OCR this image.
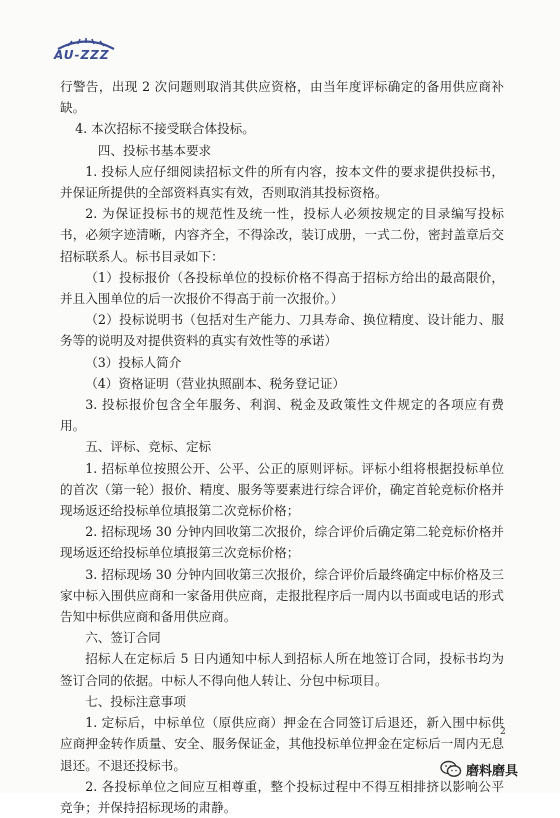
AU-ZZZ

行警告，出现 2 次问题则取消其供应资格，由当年度评标确定的备用供应商补缺。

4. 本次招标不接受联合体投标。

四、投标书基本要求

1. 投标人应仔细阅读招标文件的所有内容，按本文件的要求提供投标书，并保证所提供的全部资料真实有效，否则取消其投标资格。

2. 为保证投标书的规范性及统一性，投标人必须按规定的目录编写投标书，必须字迹清晰，内容齐全，不得涂改，装订成册，一式二份，密封盖章后交招标联系人。标书目录如下：

（1）投标报价（各投标单位的投标价格不得高于招标方给出的最高限价，并且入围单位的后一次报价不得高于前一次报价。）

（2）投标说明书（包括对生产能力、刀具寿命、换位精度、设计能力、服务等的说明及对提供资料的真实有效性等的承诺）

（3）投标人简介

（4）资格证明（营业执照副本、税务登记证）

3. 投标报价包含全年服务、利润、税金及政策性文件规定的各项应有费用。

五、评标、竞标、定标

1. 招标单位按照公开、公平、公正的原则评标。评标小组将根据投标单位的首次（第一轮）报价、精度、服务等要素进行综合评价，确定首轮竞标价格并现场返还给投标单位填报第二次竞标价格；

2. 招标现场 30 分钟内回收第二次报价，综合评价后确定第二轮竞标价格并现场返还给投标单位填报第三次竞标价格；

3. 招标现场 30 分钟内回收第三次报价，综合评价后最终确定中标价格及三家中标入围供应商和一家备用供应商，走报批程序后一周内以书面或电话的形式告知中标供应商和备用供应商。

六、签订合同

招标人在定标后 5 日内通知中标人到招标人所在地签订合同，投标书均为签订合同的依据。中标人不得向他人转让、分包中标项目。

七、投标注意事项

1. 定标后，中标单位（原供应商）押金在合同签订后退还，新入围中标供应商押金转作质量、安全、服务保证金，其他投标单位押金在定标后一周内无息退还。不退还投标书。

2. 各投标单位之间应互相尊重，整个投标过程中不得互相排挤以影响公平竞争；并保持招标现场的肃静。

2
磨料磨具
